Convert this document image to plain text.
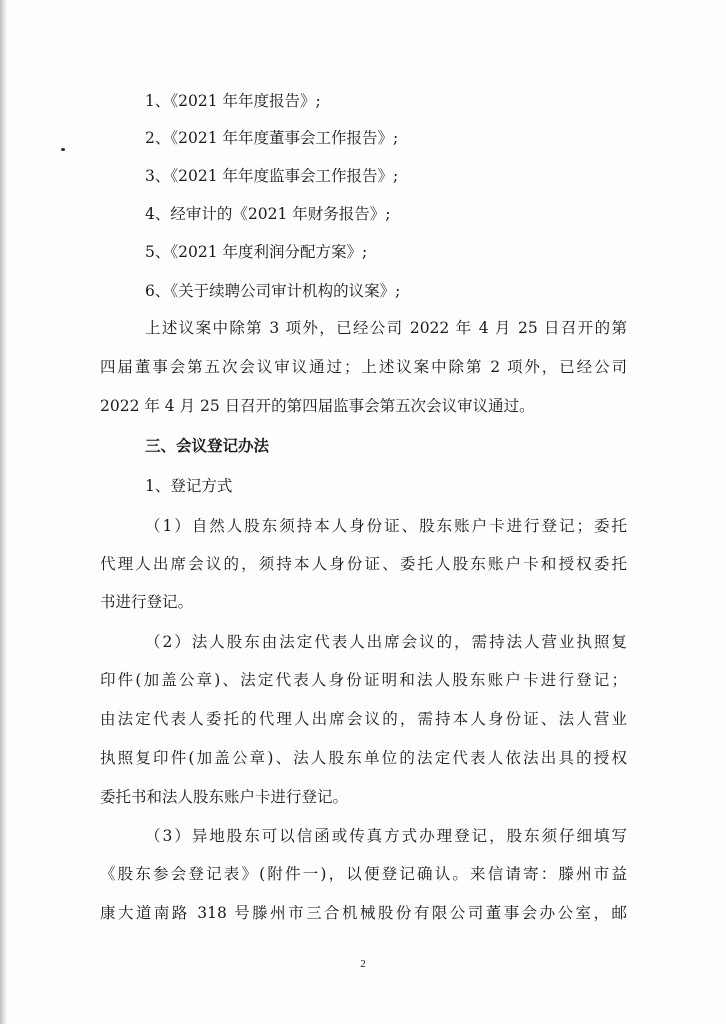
1、《2021 年年度报告》;
2、《2021 年年度董事会工作报告》;
3、《2021 年年度监事会工作报告》;
4、经审计的《2021 年财务报告》;
5、《2021 年度利润分配方案》;
6、《关于续聘公司审计机构的议案》;
上述议案中除第 3 项外，已经公司 2022 年 4 月 25 日召开的第
四届董事会第五次会议审议通过；上述议案中除第 2 项外，已经公司
2022 年 4 月 25 日召开的第四届监事会第五次会议审议通过。
三、会议登记办法
1、登记方式
（1）自然人股东须持本人身份证、股东账户卡进行登记；委托
代理人出席会议的，须持本人身份证、委托人股东账户卡和授权委托
书进行登记。
（2）法人股东由法定代表人出席会议的，需持法人营业执照复
印件(加盖公章)、法定代表人身份证明和法人股东账户卡进行登记；
由法定代表人委托的代理人出席会议的，需持本人身份证、法人营业
执照复印件(加盖公章)、法人股东单位的法定代表人依法出具的授权
委托书和法人股东账户卡进行登记。
（3）异地股东可以信函或传真方式办理登记，股东须仔细填写
《股东参会登记表》(附件一)，以便登记确认。来信请寄：滕州市益
康大道南路 318 号滕州市三合机械股份有限公司董事会办公室，邮
2
